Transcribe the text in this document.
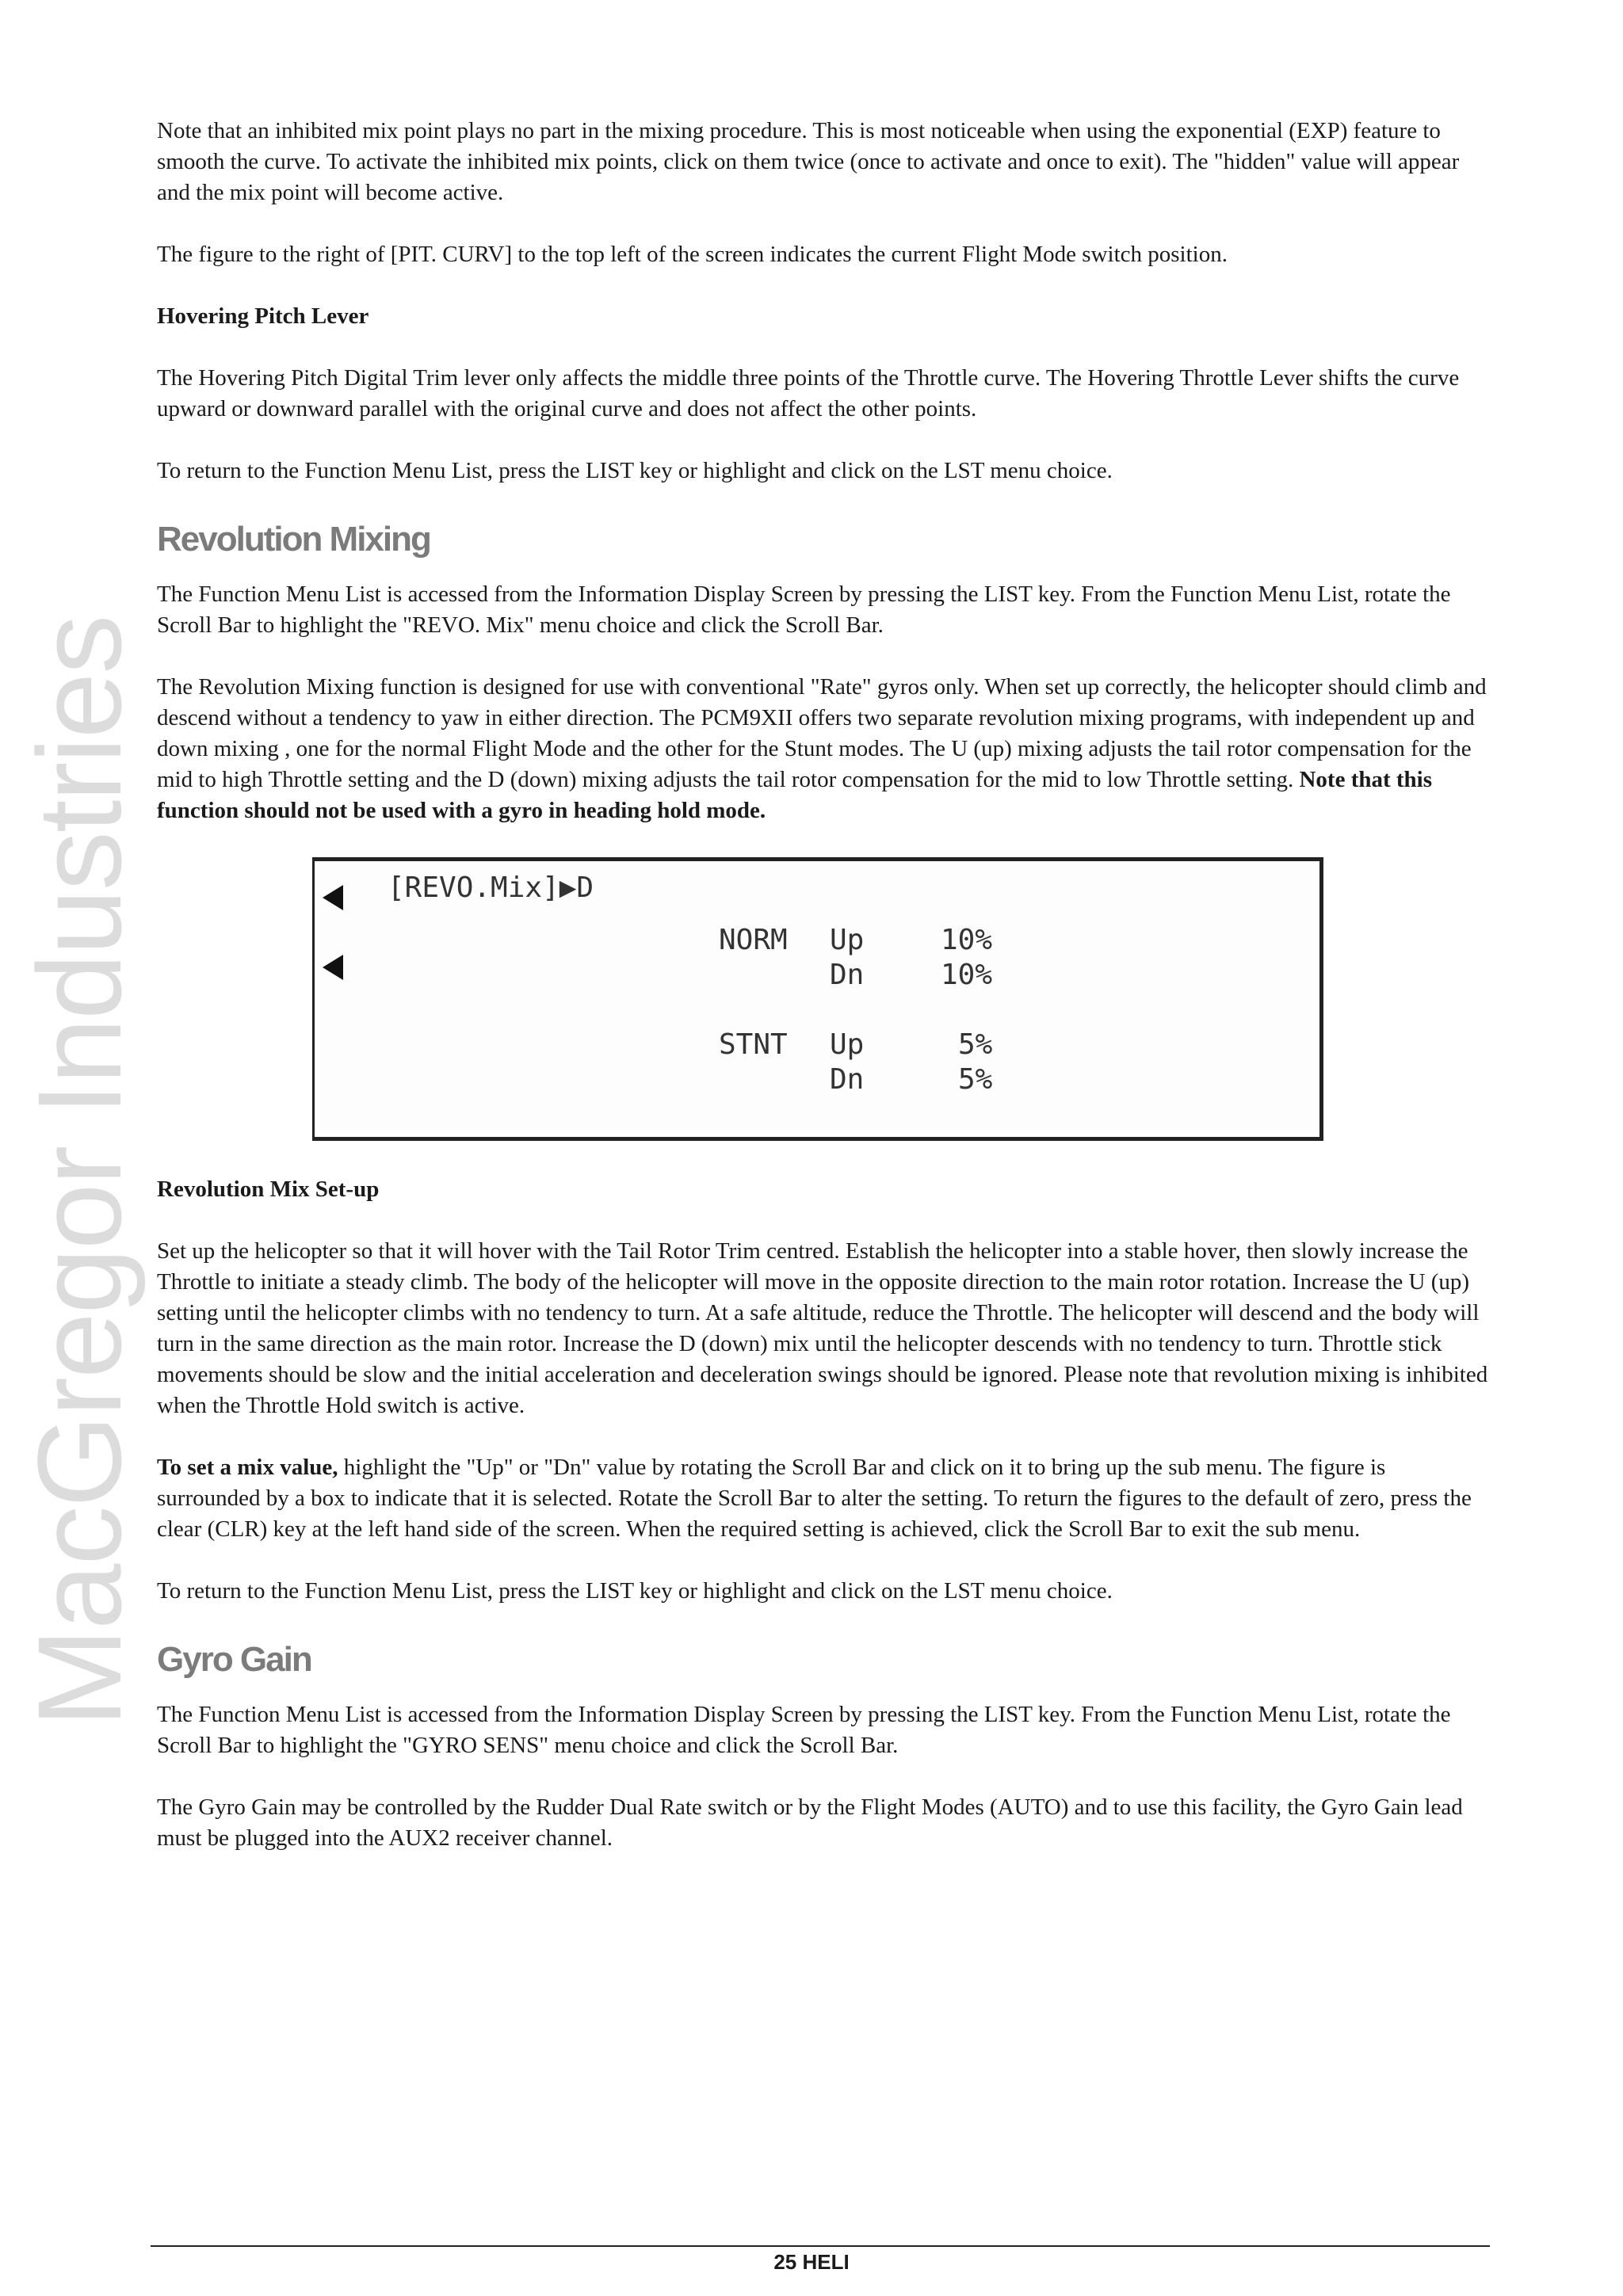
MacGregor Industries

Note that an inhibited mix point plays no part in the mixing procedure. This is most noticeable when using the exponential (EXP) feature to smooth the curve. To activate the inhibited mix points, click on them twice (once to activate and once to exit). The "hidden" value will appear and the mix point will become active.

The figure to the right of [PIT. CURV] to the top left of the screen indicates the current Flight Mode switch position.

Hovering Pitch Lever

The Hovering Pitch Digital Trim lever only affects the middle three points of the Throttle curve. The Hovering Throttle Lever shifts the curve upward or downward parallel with the original curve and does not affect the other points.

To return to the Function Menu List, press the LIST key or highlight and click on the LST menu choice.

Revolution Mixing

The Function Menu List is accessed from the Information Display Screen by pressing the LIST key. From the Function Menu List, rotate the Scroll Bar to highlight the "REVO. Mix" menu choice and click the Scroll Bar.

The Revolution Mixing function is designed for use with conventional "Rate" gyros only. When set up correctly, the helicopter should climb and descend without a tendency to yaw in either direction. The PCM9XII offers two separate revolution mixing programs, with independent up and down mixing , one for the normal Flight Mode and the other for the Stunt modes. The U (up) mixing adjusts the tail rotor compensation for the mid to high Throttle setting and the D (down) mixing adjusts the tail rotor compensation for the mid to low Throttle setting. Note that this function should not be used with a gyro in heading hold mode.

[REVO.Mix]▶D
NORM Up	10%
Dn	10%
STNT Up	5%
Dn	5%
Revolution Mix Set-up

Set up the helicopter so that it will hover with the Tail Rotor Trim centred. Establish the helicopter into a stable hover, then slowly increase the Throttle to initiate a steady climb. The body of the helicopter will move in the opposite direction to the main rotor rotation. Increase the U (up) setting until the helicopter climbs with no tendency to turn. At a safe altitude, reduce the Throttle. The helicopter will descend and the body will turn in the same direction as the main rotor. Increase the D (down) mix until the helicopter descends with no tendency to turn. Throttle stick movements should be slow and the initial acceleration and deceleration swings should be ignored. Please note that revolution mixing is inhibited when the Throttle Hold switch is active.

To set a mix value, highlight the "Up" or "Dn" value by rotating the Scroll Bar and click on it to bring up the sub menu. The figure is surrounded by a box to indicate that it is selected. Rotate the Scroll Bar to alter the setting. To return the figures to the default of zero, press the clear (CLR) key at the left hand side of the screen. When the required setting is achieved, click the Scroll Bar to exit the sub menu.

To return to the Function Menu List, press the LIST key or highlight and click on the LST menu choice.

Gyro Gain

The Function Menu List is accessed from the Information Display Screen by pressing the LIST key. From the Function Menu List, rotate the Scroll Bar to highlight the "GYRO SENS" menu choice and click the Scroll Bar.

The Gyro Gain may be controlled by the Rudder Dual Rate switch or by the Flight Modes (AUTO) and to use this facility, the Gyro Gain lead must be plugged into the AUX2 receiver channel.

25 HELI
